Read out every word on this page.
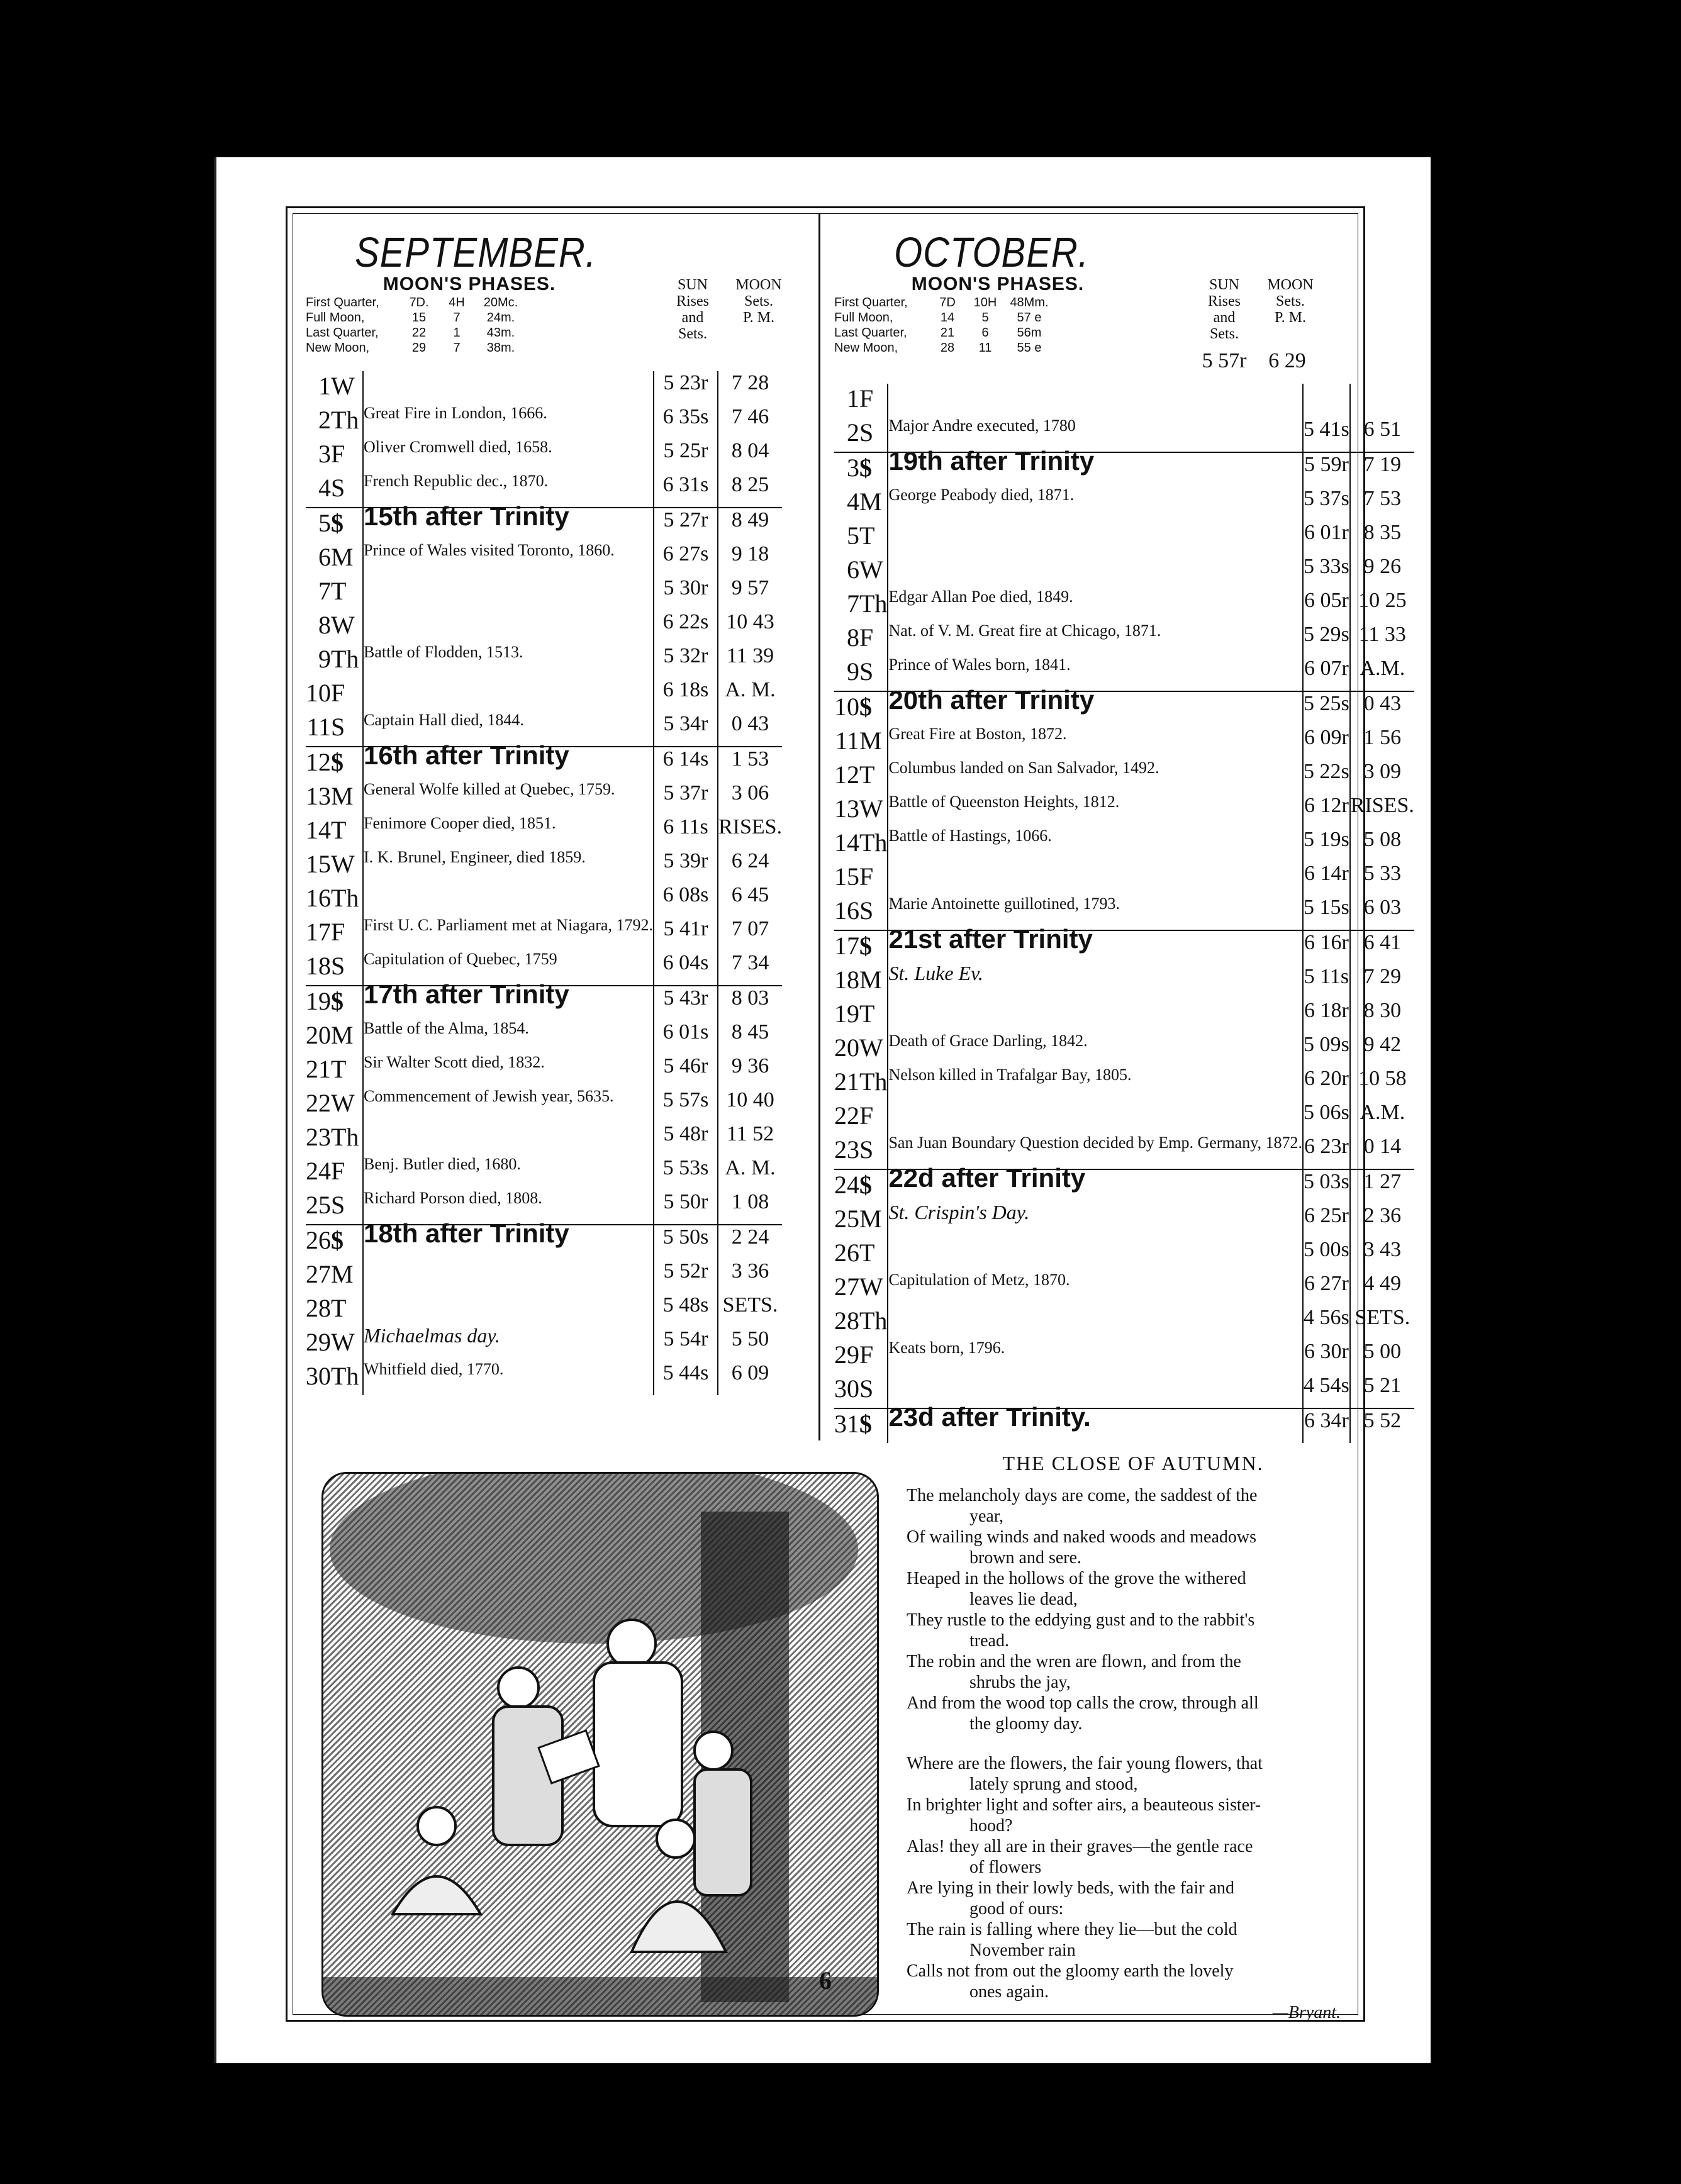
SEPTEMBER.
MOON'S PHASES.
First Quarter,	7D.	4H	20Mc.
Full Moon,	15	7	24m.
Last Quarter,	22	1	43m.
New Moon,	29	7	38m.
SUN
Rises
and
Sets.
MOON
Sets.
P. M.
1	W		5 23r	7 28
2	Th	Great Fire in London, 1666.	6 35s	7 46
3	F	Oliver Cromwell died, 1658.	5 25r	8 04
4	S	French Republic dec., 1870.	6 31s	8 25
5	$	15th after Trinity	5 27r	8 49
6	M	Prince of Wales visited Toronto, 1860.	6 27s	9 18
7	T		5 30r	9 57
8	W		6 22s	10 43
9	Th	Battle of Flodden, 1513.	5 32r	11 39
10	F		6 18s	A. M.
11	S	Captain Hall died, 1844.	5 34r	0 43
12	$	16th after Trinity	6 14s	1 53
13	M	General Wolfe killed at Quebec, 1759.	5 37r	3 06
14	T	Fenimore Cooper died, 1851.	6 11s	RISES.
15	W	I. K. Brunel, Engineer, died 1859.	5 39r	6 24
16	Th		6 08s	6 45
17	F	First U. C. Parliament met at Niagara, 1792.	5 41r	7 07
18	S	Capitulation of Quebec, 1759	6 04s	7 34
19	$	17th after Trinity	5 43r	8 03
20	M	Battle of the Alma, 1854.	6 01s	8 45
21	T	Sir Walter Scott died, 1832.	5 46r	9 36
22	W	Commencement of Jewish year, 5635.	5 57s	10 40
23	Th		5 48r	11 52
24	F	Benj. Butler died, 1680.	5 53s	A. M.
25	S	Richard Porson died, 1808.	5 50r	1 08
26	$	18th after Trinity	5 50s	2 24
27	M		5 52r	3 36
28	T		5 48s	SETS.
29	W	Michaelmas day.	5 54r	5 50
30	Th	Whitfield died, 1770.	5 44s	6 09
OCTOBER.
MOON'S PHASES.
First Quarter,	7D	10H	48Mm.
Full Moon,	14	5	57 e
Last Quarter,	21	6	56m
New Moon,	28	11	55 e
SUN
Rises
and
Sets.
MOON
Sets.
P. M.
5 57r	6 29
1	F			
2	S	Major Andre executed, 1780	5 41s	6 51
3	$	19th after Trinity	5 59r	7 19
4	M	George Peabody died, 1871.	5 37s	7 53
5	T		6 01r	8 35
6	W		5 33s	9 26
7	Th	Edgar Allan Poe died, 1849.	6 05r	10 25
8	F	Nat. of V. M. Great fire at Chicago, 1871.	5 29s	11 33
9	S	Prince of Wales born, 1841.	6 07r	A.M.
10	$	20th after Trinity	5 25s	0 43
11	M	Great Fire at Boston, 1872.	6 09r	1 56
12	T	Columbus landed on San Salvador, 1492.	5 22s	3 09
13	W	Battle of Queenston Heights, 1812.	6 12r	RISES.
14	Th	Battle of Hastings, 1066.	5 19s	5 08
15	F		6 14r	5 33
16	S	Marie Antoinette guillotined, 1793.	5 15s	6 03
17	$	21st after Trinity	6 16r	6 41
18	M	St. Luke Ev.	5 11s	7 29
19	T		6 18r	8 30
20	W	Death of Grace Darling, 1842.	5 09s	9 42
21	Th	Nelson killed in Trafalgar Bay, 1805.	6 20r	10 58
22	F		5 06s	A.M.
23	S	San Juan Boundary Question decided by Emp. Germany, 1872.	6 23r	0 14
24	$	22d after Trinity	5 03s	1 27
25	M	St. Crispin's Day.	6 25r	2 36
26	T		5 00s	3 43
27	W	Capitulation of Metz, 1870.	6 27r	4 49
28	Th		4 56s	SETS.
29	F	Keats born, 1796.	6 30r	5 00
30	S		4 54s	5 21
31	$	23d after Trinity.	6 34r	5 52
THE CLOSE OF AUTUMN.
The melancholy days are come, the saddest of the
year,
Of wailing winds and naked woods and meadows
brown and sere.
Heaped in the hollows of the grove the withered
leaves lie dead,
They rustle to the eddying gust and to the rabbit's
tread.
The robin and the wren are flown, and from the
shrubs the jay,
And from the wood top calls the crow, through all
the gloomy day.
Where are the flowers, the fair young flowers, that
lately sprung and stood,
In brighter light and softer airs, a beauteous sister-
hood?
Alas! they all are in their graves—the gentle race
of flowers
Are lying in their lowly beds, with the fair and
good of ours:
The rain is falling where they lie—but the cold
November rain
Calls not from out the gloomy earth the lovely
ones again.
—Bryant.
6
